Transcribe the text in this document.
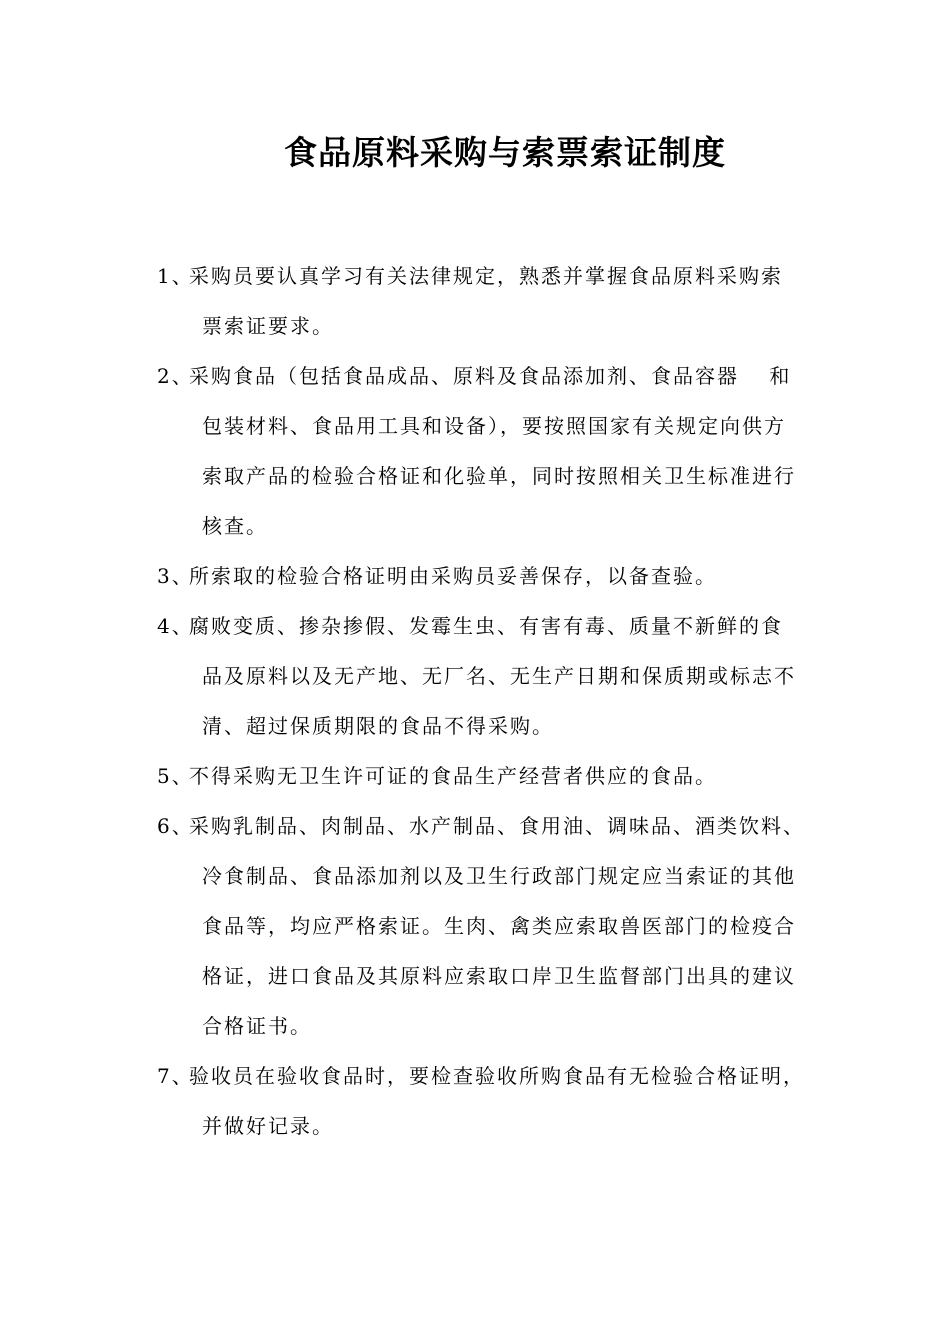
食品原料采购与索票索证制度
1、
采购员要认真学习有关法律规定，熟悉并掌握食品原料采购索
票索证要求。
2、
采购食品（包括食品成品、原料及食品添加剂、食品容器　 和
包装材料、食品用工具和设备），要按照国家有关规定向供方
索取产品的检验合格证和化验单，同时按照相关卫生标准进行
核查。
3、
所索取的检验合格证明由采购员妥善保存，以备查验。
4、
腐败变质、掺杂掺假、发霉生虫、有害有毒、质量不新鲜的食
品及原料以及无产地、无厂名、无生产日期和保质期或标志不
清、超过保质期限的食品不得采购。
5、
不得采购无卫生许可证的食品生产经营者供应的食品。
6、
采购乳制品、肉制品、水产制品、食用油、调味品、酒类饮料、
冷食制品、食品添加剂以及卫生行政部门规定应当索证的其他
食品等，均应严格索证。生肉、禽类应索取兽医部门的检疫合
格证，进口食品及其原料应索取口岸卫生监督部门出具的建议
合格证书。
7、
验收员在验收食品时，要检查验收所购食品有无检验合格证明，
并做好记录。
